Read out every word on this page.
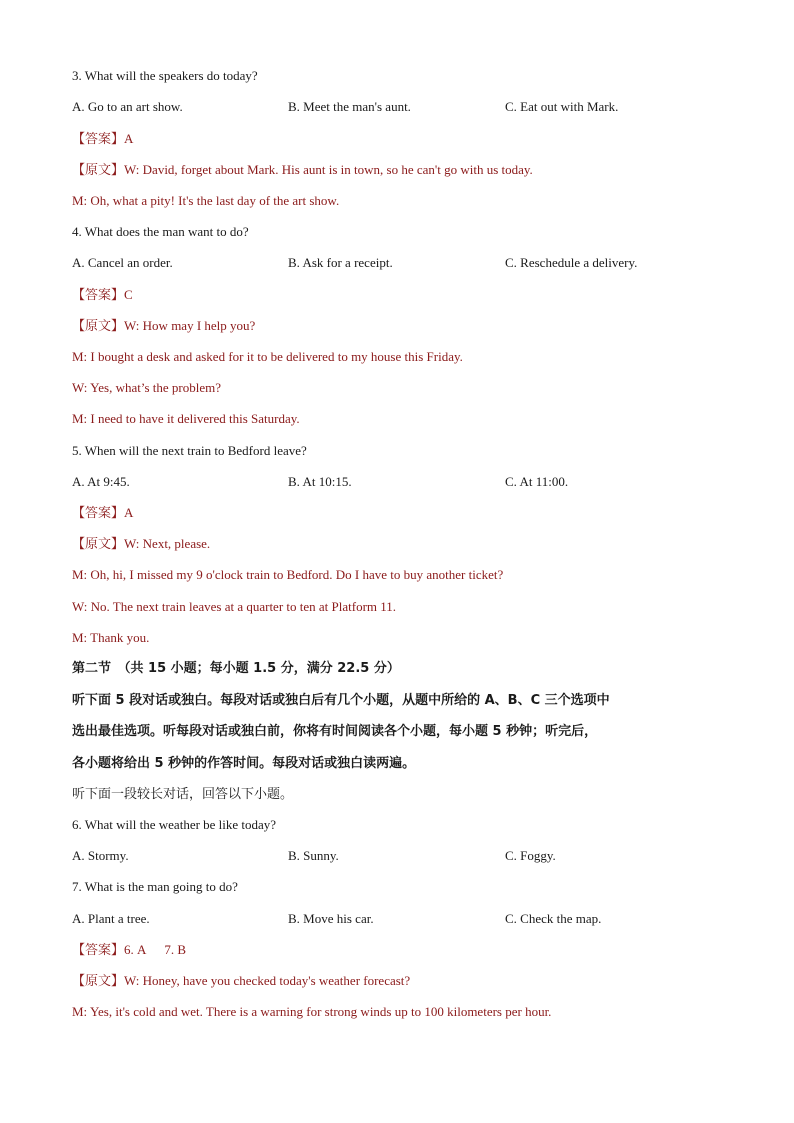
3. What will the speakers do today?
A. Go to an art show.	B. Meet the man's aunt.	C. Eat out with Mark.
【答案】A
【原文】W: David, forget about Mark. His aunt is in town, so he can't go with us today.
M: Oh, what a pity! It's the last day of the art show.
4. What does the man want to do?
A. Cancel an order.	B. Ask for a receipt.	C. Reschedule a delivery.
【答案】C
【原文】W: How may I help you?
M: I bought a desk and asked for it to be delivered to my house this Friday.
W: Yes, what’s the problem?
M: I need to have it delivered this Saturday.
5. When will the next train to Bedford leave?
A. At 9:45.	B. At 10:15.	C. At 11:00.
【答案】A
【原文】W: Next, please.
M: Oh, hi, I missed my 9 o'clock train to Bedford. Do I have to buy another ticket?
W: No. The next train leaves at a quarter to ten at Platform 11.
M: Thank you.
第二节　（共 15 小题；每小题 1.5 分，满分 22.5 分）
听下面 5 段对话或独白。每段对话或独白后有几个小题，从题中所给的 A、B、C 三个选项中
选出最佳选项。听每段对话或独白前，你将有时间阅读各个小题，每小题 5 秒钟；听完后，
各小题将给出 5 秒钟的作答时间。每段对话或独白读两遍。
听下面一段较长对话，回答以下小题。
6. What will the weather be like today?
A. Stormy.	B. Sunny.	C. Foggy.
7. What is the man going to do?
A. Plant a tree.	B. Move his car.	C. Check the map.
【答案】6. A 7. B
【原文】W: Honey, have you checked today's weather forecast?
M: Yes, it's cold and wet. There is a warning for strong winds up to 100 kilometers per hour.
